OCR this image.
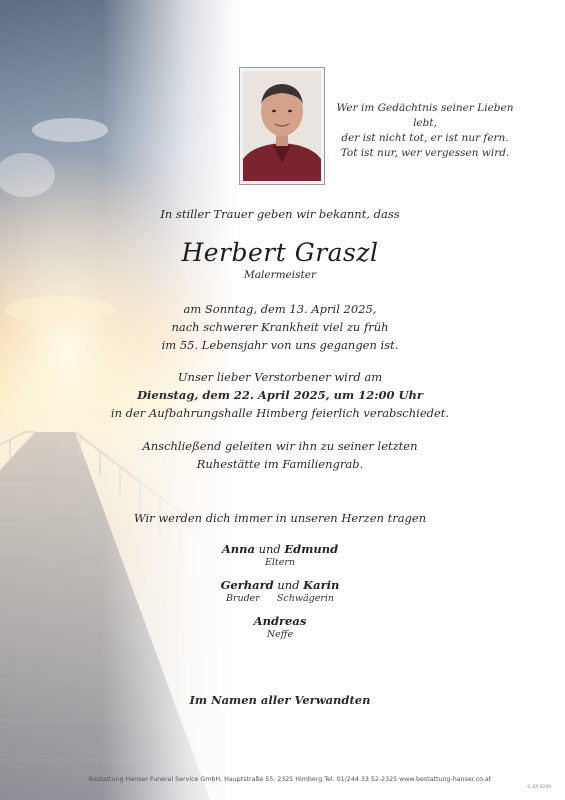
Wer im Gedächtnis seiner Lieben lebt,
der ist nicht tot, er ist nur fern.
Tot ist nur, wer vergessen wird.
In stiller Trauer geben wir bekannt, dass
Herbert Graszl
Malermeister
am Sonntag, dem 13. April 2025,
nach schwerer Krankheit viel zu früh
im 55. Lebensjahr von uns gegangen ist.
Unser lieber Verstorbener wird am
Dienstag, dem 22. April 2025, um 12:00 Uhr
in der Aufbahrungshalle Himberg feierlich verabschiedet.
Anschließend geleiten wir ihn zu seiner letzten
Ruhestätte im Familiengrab.
Wir werden dich immer in unseren Herzen tragen
Anna und Edmund
Eltern
Gerhard und Karin
Bruder Schwägerin
Andreas
Neffe
Im Namen aller Verwandten
Bestattung Hanser Funeral Service GmbH, Hauptstraße 55, 2325 Himberg Tel. 01/244 33 52-2325 www.bestattung-hanser.co.at
© EP 9240
